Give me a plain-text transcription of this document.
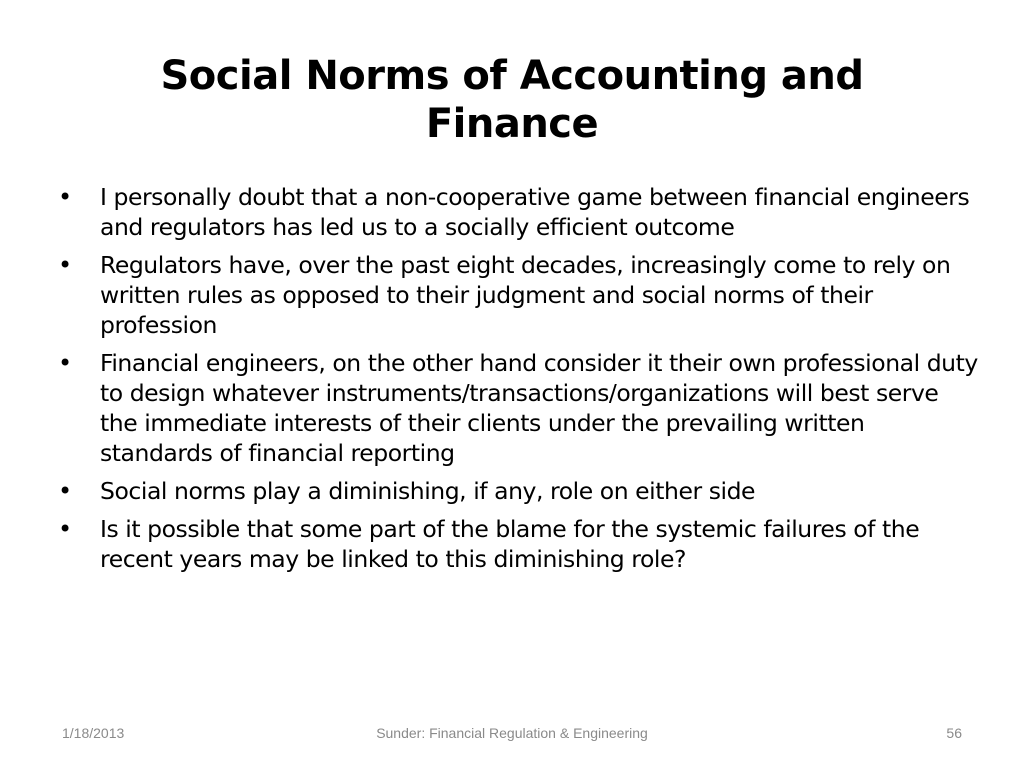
Social Norms of Accounting and Finance
• I personally doubt that a non-cooperative game between financial engineers and regulators has led us to a socially efficient outcome
• Regulators have, over the past eight decades, increasingly come to rely on written rules as opposed to their judgment and social norms of their profession
• Financial engineers, on the other hand consider it their own professional duty to design whatever instruments/transactions/organizations will best serve the immediate interests of their clients under the prevailing written standards of financial reporting
• Social norms play a diminishing, if any, role on either side
• Is it possible that some part of the blame for the systemic failures of the recent years may be linked to this diminishing role?
1/18/2013	Sunder: Financial Regulation & Engineering	56
